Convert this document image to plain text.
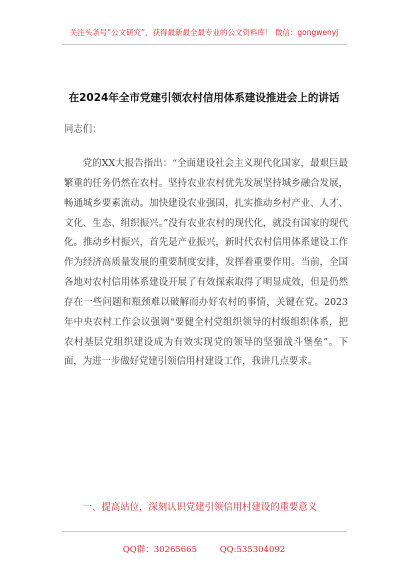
关注头条号“公文研究”，获得最新最全最专业的公文资料库！ 微信：gongwenyj
在2024年全市党建引领农村信用体系建设推进会上的讲话
同志们：

党的XX大报告指出：“全面建设社会主义现代化国家，最艰巨最繁重的任务仍然在农村。坚持农业农村优先发展坚持城乡融合发展，畅通城乡要素流动。加快建设农业强国，扎实推动乡村产业、人才、文化、生态、组织振兴。”没有农业农村的现代化，就没有国家的现代化。推动乡村振兴，首先是产业振兴，新时代农村信用体系建设工作作为经济高质量发展的重要制度安排，发挥着重要作用。当前，全国各地对农村信用体系建设开展了有效探索取得了明显成效，但是仍然存在一些问题和瓶颈难以破解而办好农村的事情，关键在党。2023年中央农村工作会议强调“要健全村党组织领导的村级组织体系，把农村基层党组织建设成为有效实现党的领导的坚强战斗堡垒”。下面，为进一步做好党建引领信用村建设工作，我讲几点要求。

一、提高站位，深刻认识党建引领信用村建设的重要意义

QQ群：30265665	QQ:535304092
